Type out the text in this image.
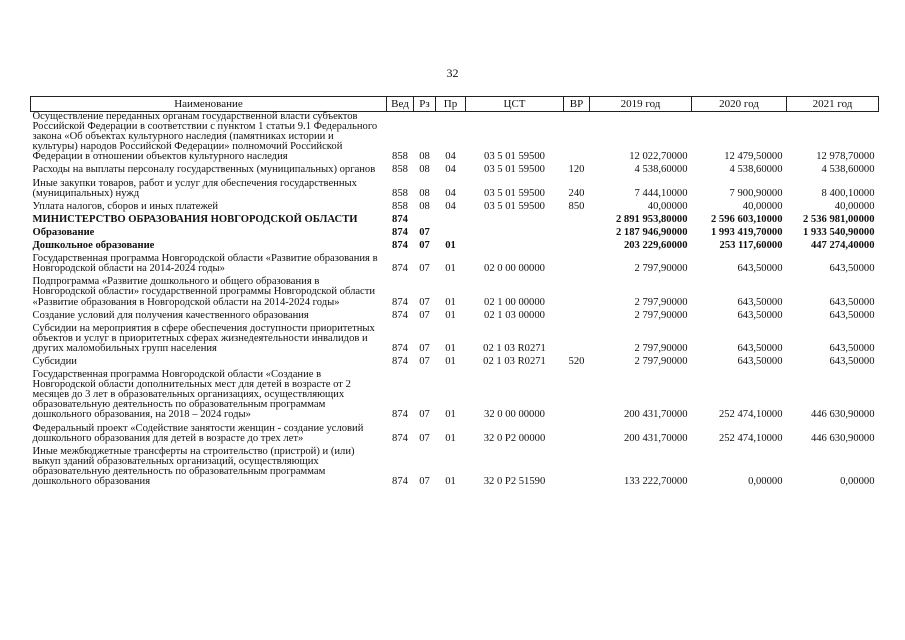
32
Наименование	Вед	Рз	Пр	ЦСТ	ВР	2019 год	2020 год	2021 год
Осуществление переданных органам государственной власти субъектов Российской Федерации в соответствии с пунктом 1 статьи 9.1 Федерального закона «Об объектах культурного наследия (памятниках истории и культуры) народов Российской Федерации» полномочий Российской Федерации в отношении объектов культурного наследия	858	08	04	03 5 01 59500		12 022,70000	12 479,50000	12 978,70000
Расходы на выплаты персоналу государственных (муниципальных) органов	858	08	04	03 5 01 59500	120	4 538,60000	4 538,60000	4 538,60000
Иные закупки товаров, работ и услуг для обеспечения государственных (муниципальных) нужд	858	08	04	03 5 01 59500	240	7 444,10000	7 900,90000	8 400,10000
Уплата налогов, сборов и иных платежей	858	08	04	03 5 01 59500	850	40,00000	40,00000	40,00000
МИНИСТЕРСТВО ОБРАЗОВАНИЯ НОВГОРОДСКОЙ ОБЛАСТИ	874					2 891 953,80000	2 596 603,10000	2 536 981,00000
Образование	874	07				2 187 946,90000	1 993 419,70000	1 933 540,90000
Дошкольное образование	874	07	01			203 229,60000	253 117,60000	447 274,40000
Государственная программа Новгородской области «Развитие образования в Новгородской области на 2014-2024 годы»	874	07	01	02 0 00 00000		2 797,90000	643,50000	643,50000
Подпрограмма «Развитие дошкольного и общего образования в Новгородской области» государственной программы Новгородской области «Развитие образования в Новгородской области на 2014-2024 годы»	874	07	01	02 1 00 00000		2 797,90000	643,50000	643,50000
Создание условий для получения качественного образования	874	07	01	02 1 03 00000		2 797,90000	643,50000	643,50000
Субсидии на мероприятия в сфере обеспечения доступности приоритетных объектов и услуг в приоритетных сферах жизнедеятельности инвалидов и других маломобильных групп населения	874	07	01	02 1 03 R0271		2 797,90000	643,50000	643,50000
Субсидии	874	07	01	02 1 03 R0271	520	2 797,90000	643,50000	643,50000
Государственная программа Новгородской области «Создание в Новгородской области дополнительных мест для детей в возрасте от 2 месяцев до 3 лет в образовательных организациях, осуществляющих образовательную деятельность по образовательным программам дошкольного образования, на 2018 – 2024 годы»	874	07	01	32 0 00 00000		200 431,70000	252 474,10000	446 630,90000
Федеральный проект «Содействие занятости женщин - создание условий дошкольного образования для детей в возрасте до трех лет»	874	07	01	32 0 P2 00000		200 431,70000	252 474,10000	446 630,90000
Иные межбюджетные трансферты на строительство (пристрой) и (или) выкуп зданий образовательных организаций, осуществляющих образовательную деятельность по образовательным программам дошкольного образования	874	07	01	32 0 P2 51590		133 222,70000	0,00000	0,00000
